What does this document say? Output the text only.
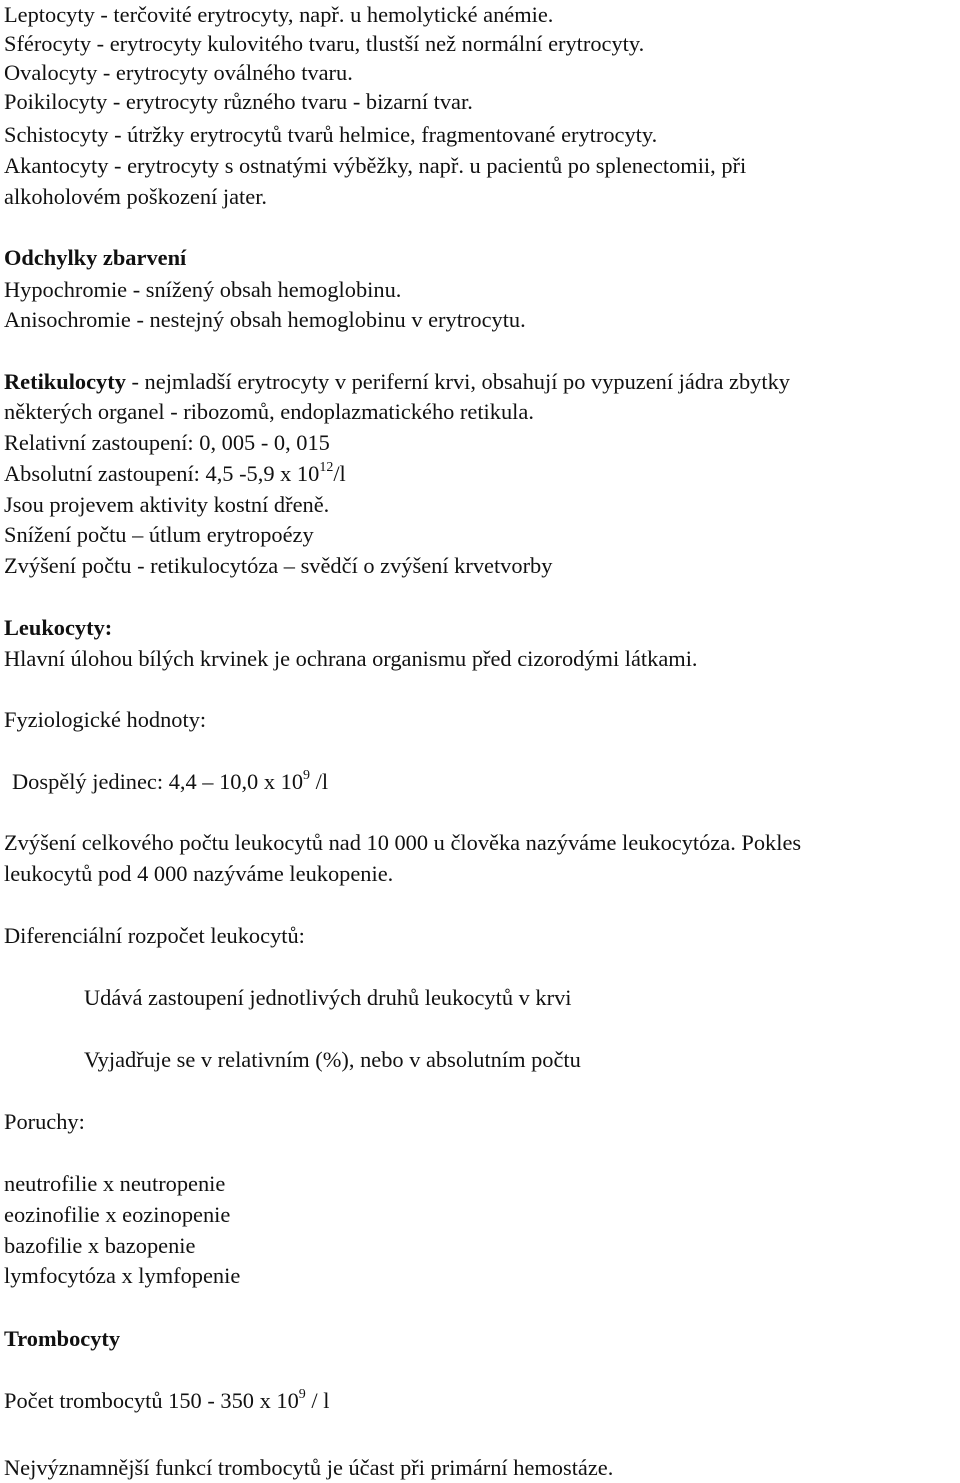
Leptocyty - terčovité erytrocyty, např. u hemolytické anémie.
Sférocyty - erytrocyty kulovitého tvaru, tlustší než normální erytrocyty.
Ovalocyty - erytrocyty oválného tvaru.
Poikilocyty - erytrocyty různého tvaru - bizarní tvar.
Schistocyty - útržky erytrocytů tvarů helmice, fragmentované erytrocyty.
Akantocyty - erytrocyty s ostnatými výběžky, např. u pacientů po splenectomii, při
alkoholovém poškození jater.
Odchylky zbarvení
Hypochromie - snížený obsah hemoglobinu.
Anisochromie - nestejný obsah hemoglobinu v erytrocytu.
Retikulocyty - nejmladší erytrocyty v periferní krvi, obsahují po vypuzení jádra zbytky
některých organel - ribozomů, endoplazmatického retikula.
Relativní zastoupení: 0, 005 - 0, 015
Absolutní zastoupení: 4,5 -5,9 x $10^{12}/l$
Jsou projevem aktivity kostní dřeně.
Snížení počtu – útlum erytropoézy
Zvýšení počtu - retikulocytóza – svědčí o zvýšení krvetvorby
Leukocyty:
Hlavní úlohou bílých krvinek je ochrana organismu před cizorodými látkami.
Fyziologické hodnoty:
Dospělý jedinec: 4,4 – 10,0 x $10^9$ /l
Zvýšení celkového počtu leukocytů nad 10 000 u člověka nazýváme leukocytóza. Pokles
leukocytů pod 4 000 nazýváme leukopenie.
Diferenciální rozpočet leukocytů:
Udává zastoupení jednotlivých druhů leukocytů v krvi
Vyjadřuje se v relativním (%), nebo v absolutním počtu
Poruchy:
neutrofilie x neutropenie
eozinofilie x eozinopenie
bazofilie x bazopenie
lymfocytóza x lymfopenie
Trombocyty
Počet trombocytů 150 - 350 x $10^9$ / l
Nejvýznamnější funkcí trombocytů je účast při primární hemostáze.
